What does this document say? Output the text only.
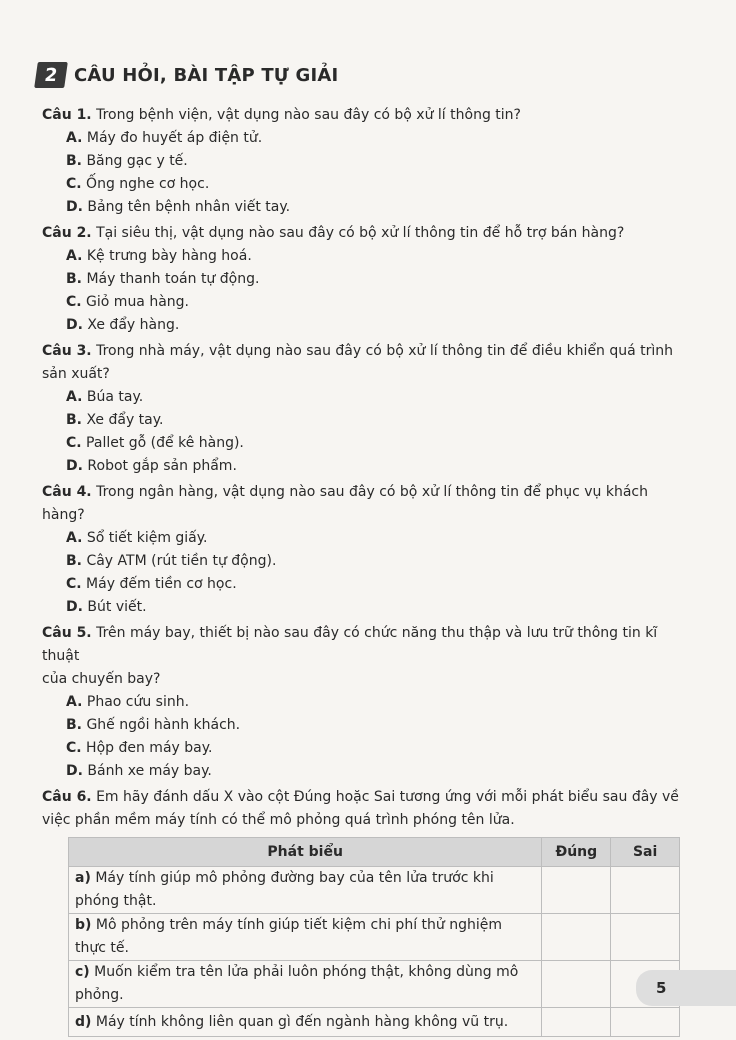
2 CÂU HỎI, BÀI TẬP TỰ GIẢI
Câu 1. Trong bệnh viện, vật dụng nào sau đây có bộ xử lí thông tin?
A. Máy đo huyết áp điện tử.
B. Băng gạc y tế.
C. Ống nghe cơ học.
D. Bảng tên bệnh nhân viết tay.
Câu 2. Tại siêu thị, vật dụng nào sau đây có bộ xử lí thông tin để hỗ trợ bán hàng?
A. Kệ trưng bày hàng hoá.
B. Máy thanh toán tự động.
C. Giỏ mua hàng.
D. Xe đẩy hàng.
Câu 3. Trong nhà máy, vật dụng nào sau đây có bộ xử lí thông tin để điều khiển quá trình
sản xuất?
A. Búa tay.
B. Xe đẩy tay.
C. Pallet gỗ (để kê hàng).
D. Robot gắp sản phẩm.
Câu 4. Trong ngân hàng, vật dụng nào sau đây có bộ xử lí thông tin để phục vụ khách hàng?
A. Sổ tiết kiệm giấy.
B. Cây ATM (rút tiền tự động).
C. Máy đếm tiền cơ học.
D. Bút viết.
Câu 5. Trên máy bay, thiết bị nào sau đây có chức năng thu thập và lưu trữ thông tin kĩ thuật
của chuyến bay?
A. Phao cứu sinh.
B. Ghế ngồi hành khách.
C. Hộp đen máy bay.
D. Bánh xe máy bay.
Câu 6. Em hãy đánh dấu X vào cột Đúng hoặc Sai tương ứng với mỗi phát biểu sau đây về
việc phần mềm máy tính có thể mô phỏng quá trình phóng tên lửa.
Phát biểu	Đúng	Sai
a) Máy tính giúp mô phỏng đường bay của tên lửa trước khi phóng thật.		
b) Mô phỏng trên máy tính giúp tiết kiệm chi phí thử nghiệm thực tế.		
c) Muốn kiểm tra tên lửa phải luôn phóng thật, không dùng mô phỏng.		
d) Máy tính không liên quan gì đến ngành hàng không vũ trụ.		
5
